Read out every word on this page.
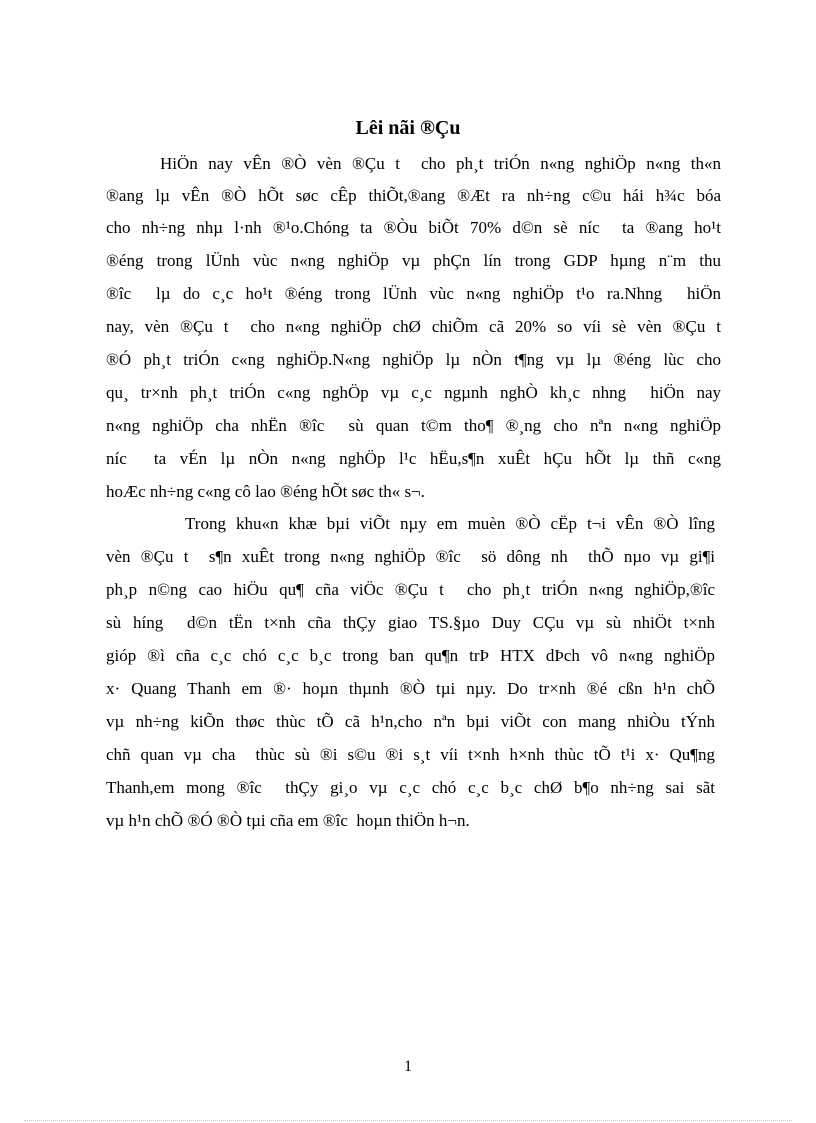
Lêi nãi ®Çu
HiÖn nay vÊn ®Ò vèn ®Çu t  cho ph¸t triÓn n«ng nghiÖp n«ng th«n
®ang lµ vÊn ®Ò hÕt søc cÊp thiÕt,®ang ®Æt ra nh÷ng c©u hái h¾c bóa
cho nh÷ng nhµ l·nh ®¹o.Chóng ta ®Òu biÕt 70% d©n sè níc  ta ®ang ho¹t
®éng trong lÜnh vùc n«ng nghiÖp vµ phÇn lín trong GDP hµng n¨m thu
®îc  lµ do c¸c ho¹t ®éng trong lÜnh vùc n«ng nghiÖp t¹o ra.Nhng  hiÖn
nay, vèn ®Çu t  cho n«ng nghiÖp chØ chiÕm cã 20% so víi sè vèn ®Çu t
®Ó ph¸t triÓn c«ng nghiÖp.N«ng nghiÖp lµ nÒn t¶ng vµ lµ ®éng lùc cho
qu¸ tr×nh ph¸t triÓn c«ng nghÖp vµ c¸c ngµnh nghÒ kh¸c nhng  hiÖn nay
n«ng nghiÖp cha nhËn ®îc  sù quan t©m tho¶ ®¸ng cho nªn n«ng nghiÖp
níc  ta vÉn lµ nÒn n«ng nghÖp l¹c hËu,s¶n xuÊt hÇu hÕt lµ thñ c«ng
hoÆc nh÷ng c«ng cô lao ®éng hÕt søc th« s¬.
Trong khu«n khæ bµi viÕt nµy em muèn ®Ò cËp t¬i vÊn ®Ò lîng
vèn ®Çu t  s¶n xuÊt trong n«ng nghiÖp ®îc  sö dông nh  thÕ nµo vµ gi¶i
ph¸p n©ng cao hiÖu qu¶ cña viÖc ®Çu t  cho ph¸t triÓn n«ng nghiÖp,®îc
sù híng  d©n tËn t×nh cña thÇy giao TS.§µo Duy CÇu vµ sù nhiÖt t×nh
gióp ®ì cña c¸c chó c¸c b¸c trong ban qu¶n trÞ HTX dÞch vô n«ng nghiÖp
x· Quang Thanh em ®· hoµn thµnh ®Ò tµi nµy. Do tr×nh ®é cßn h¹n chÕ
vµ nh÷ng kiÕn thøc thùc tÕ cã h¹n,cho nªn bµi viÕt con mang nhiÒu tÝnh
chñ quan vµ cha  thùc sù ®i s©u ®i s¸t víi t×nh h×nh thùc tÕ t¹i x· Qu¶ng
Thanh,em mong ®îc  thÇy gi¸o vµ c¸c chó c¸c b¸c chØ b¶o nh÷ng sai sãt
vµ h¹n chÕ ®Ó ®Ò tµi cña em ®îc  hoµn thiÖn h¬n.
1
